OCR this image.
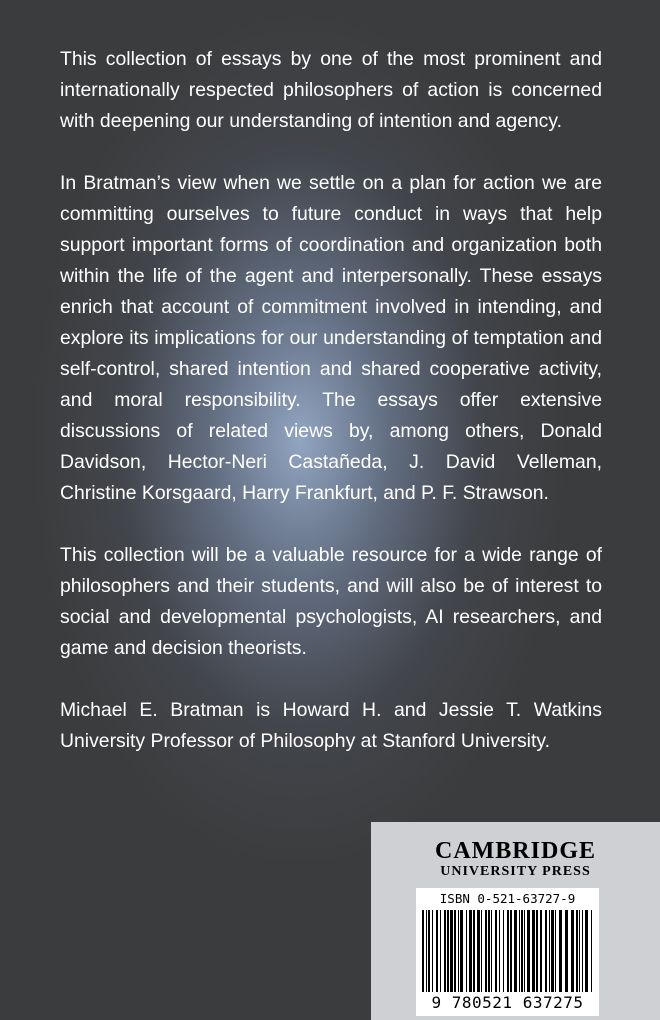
This collection of essays by one of the most prominent and internationally respected philosophers of action is concerned with deepening our understanding of intention and agency.

In Bratman’s view when we settle on a plan for action we are committing ourselves to future conduct in ways that help support important forms of coordination and organization both within the life of the agent and interpersonally. These essays enrich that account of commitment involved in intending, and explore its implications for our understanding of temptation and self-control, shared intention and shared cooperative activity, and moral responsibility. The essays offer extensive discussions of related views by, among others, Donald Davidson, Hector-Neri Castañeda, J. David Velleman, Christine Korsgaard, Harry Frankfurt, and P. F. Strawson.

This collection will be a valuable resource for a wide range of philosophers and their students, and will also be of interest to social and developmental psychologists, AI researchers, and game and decision theorists.

Michael E. Bratman is Howard H. and Jessie T. Watkins University Professor of Philosophy at Stanford University.

CAMBRIDGE
UNIVERSITY PRESS
ISBN 0-521-63727-9
9 780521 637275
